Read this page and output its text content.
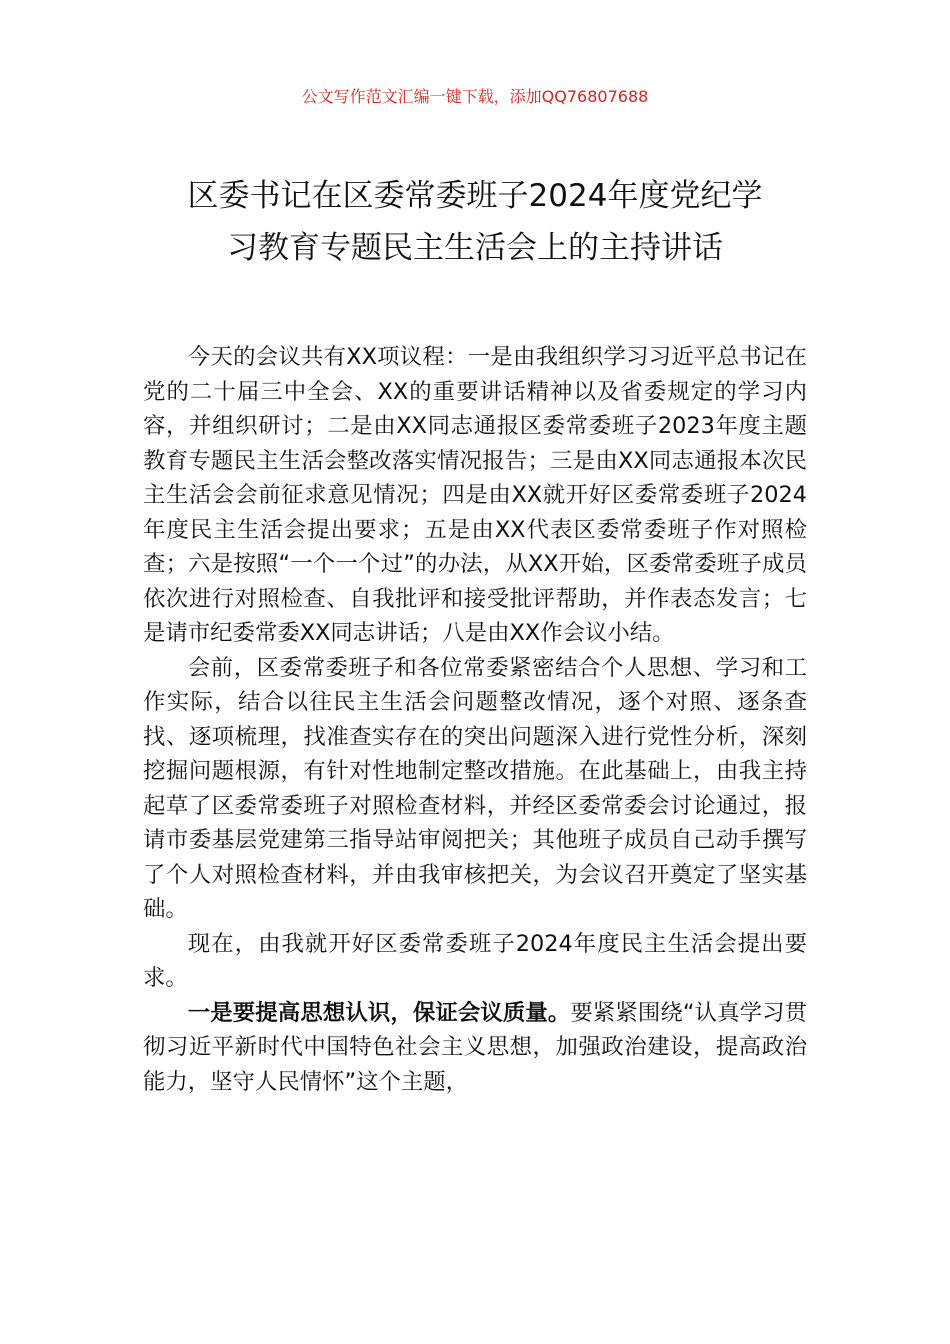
公文写作范文汇编一键下载，添加QQ76807688
区委书记在区委常委班子2024年度党纪学
习教育专题民主生活会上的主持讲话

今天的会议共有XX项议程：一是由我组织学习习近平总书记在党的二十届三中全会、XX的重要讲话精神以及省委规定的学习内容，并组织研讨；二是由XX同志通报区委常委班子2023年度主题教育专题民主生活会整改落实情况报告；三是由XX同志通报本次民主生活会会前征求意见情况；四是由XX就开好区委常委班子2024年度民主生活会提出要求；五是由XX代表区委常委班子作对照检查；六是按照“一个一个过”的办法，从XX开始，区委常委班子成员依次进行对照检查、自我批评和接受批评帮助，并作表态发言；七是请市纪委常委XX同志讲话；八是由XX作会议小结。

会前，区委常委班子和各位常委紧密结合个人思想、学习和工作实际，结合以往民主生活会问题整改情况，逐个对照、逐条查找、逐项梳理，找准查实存在的突出问题深入进行党性分析，深刻挖掘问题根源，有针对性地制定整改措施。在此基础上，由我主持起草了区委常委班子对照检查材料，并经区委常委会讨论通过，报请市委基层党建第三指导站审阅把关；其他班子成员自己动手撰写了个人对照检查材料，并由我审核把关，为会议召开奠定了坚实基础。

现在，由我就开好区委常委班子2024年度民主生活会提出要求。

一是要提高思想认识，保证会议质量。要紧紧围绕“认真学习贯彻习近平新时代中国特色社会主义思想，加强政治建设，提高政治能力，坚守人民情怀”这个主题，
